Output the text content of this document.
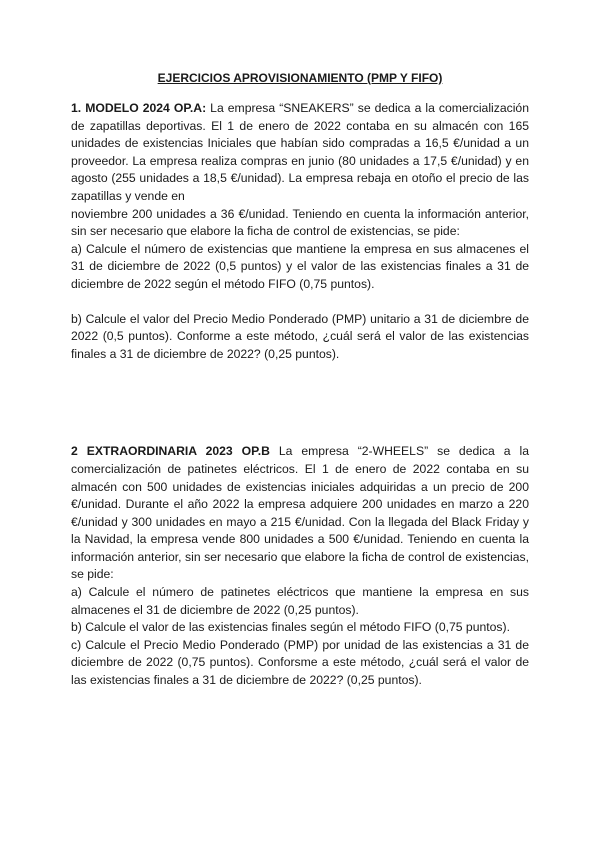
EJERCICIOS APROVISIONAMIENTO (PMP Y FIFO)

1. MODELO 2024 OP.A: La empresa “SNEAKERS” se dedica a la comercialización de zapatillas deportivas. El 1 de enero de 2022 contaba en su almacén con 165 unidades de existencias Iniciales que habían sido compradas a 16,5 €/unidad a un proveedor. La empresa realiza compras en junio (80 unidades a 17,5 €/unidad) y en agosto (255 unidades a 18,5 €/unidad). La empresa rebaja en otoño el precio de las zapatillas y vende en

noviembre 200 unidades a 36 €/unidad. Teniendo en cuenta la información anterior, sin ser necesario que elabore la ficha de control de existencias, se pide:

a) Calcule el número de existencias que mantiene la empresa en sus almacenes el 31 de diciembre de 2022 (0,5 puntos) y el valor de las existencias finales a 31 de diciembre de 2022 según el método FIFO (0,75 puntos).

b) Calcule el valor del Precio Medio Ponderado (PMP) unitario a 31 de diciembre de 2022 (0,5 puntos). Conforme a este método, ¿cuál será el valor de las existencias finales a 31 de diciembre de 2022? (0,25 puntos).

2 EXTRAORDINARIA 2023 OP.B La empresa “2-WHEELS” se dedica a la comercialización de patinetes eléctricos. El 1 de enero de 2022 contaba en su almacén con 500 unidades de existencias iniciales adquiridas a un precio de 200 €/unidad. Durante el año 2022 la empresa adquiere 200 unidades en marzo a 220 €/unidad y 300 unidades en mayo a 215 €/unidad. Con la llegada del Black Friday y la Navidad, la empresa vende 800 unidades a 500 €/unidad. Teniendo en cuenta la información anterior, sin ser necesario que elabore la ficha de control de existencias, se pide:

a) Calcule el número de patinetes eléctricos que mantiene la empresa en sus almacenes el 31 de diciembre de 2022 (0,25 puntos).

b) Calcule el valor de las existencias finales según el método FIFO (0,75 puntos).

c) Calcule el Precio Medio Ponderado (PMP) por unidad de las existencias a 31 de diciembre de 2022 (0,75 puntos). Conforsme a este método, ¿cuál será el valor de las existencias finales a 31 de diciembre de 2022? (0,25 puntos).
